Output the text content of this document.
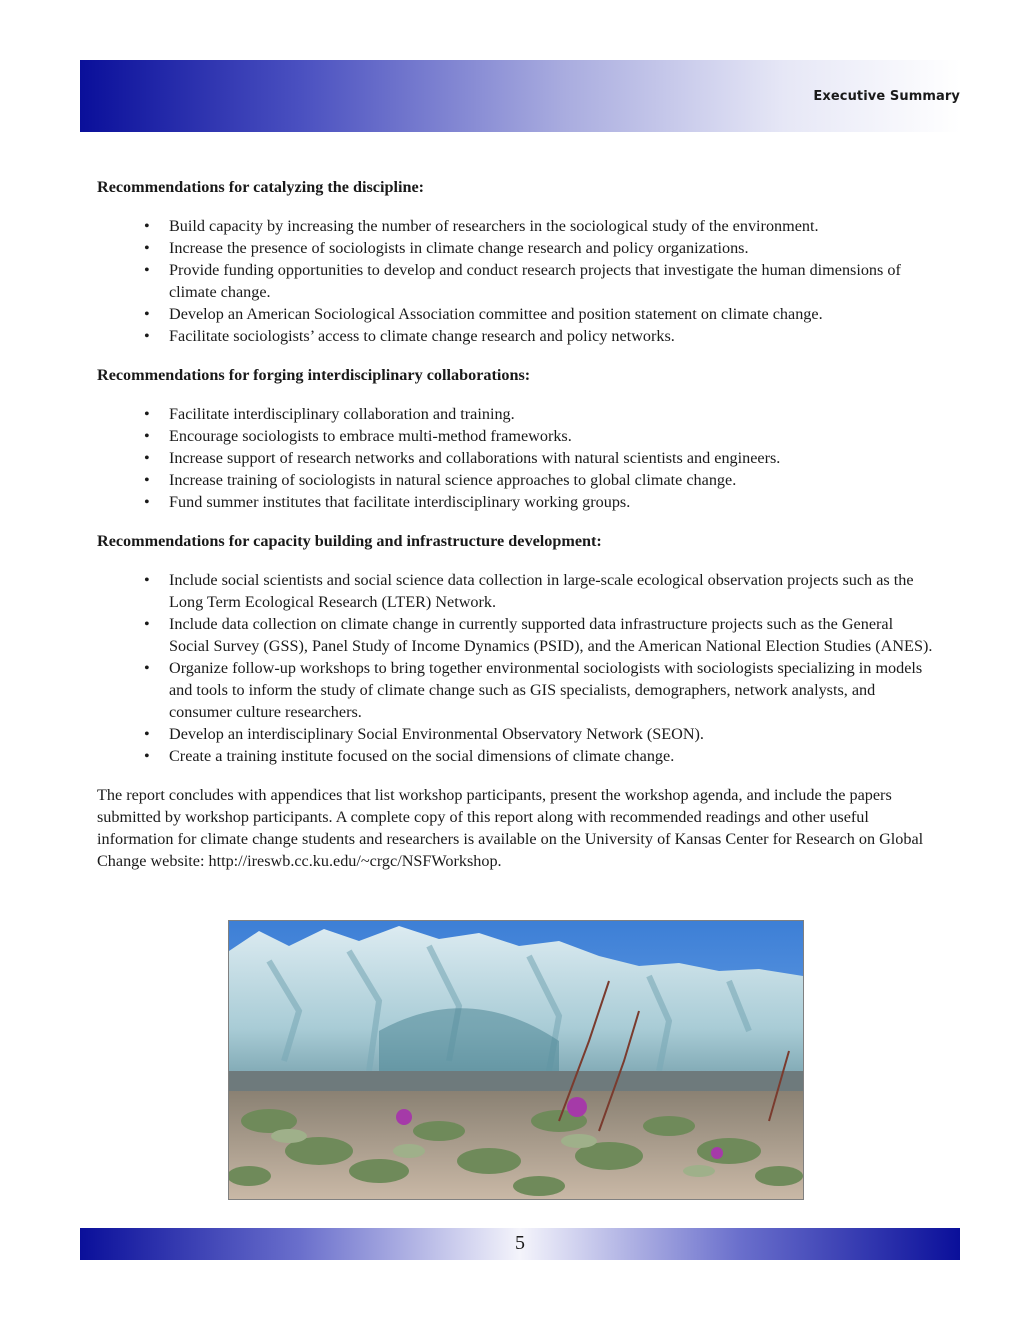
Executive Summary

Recommendations for catalyzing the discipline:

• Build capacity by increasing the number of researchers in the sociological study of the environment.
• Increase the presence of sociologists in climate change research and policy organizations.
• Provide funding opportunities to develop and conduct research projects that investigate the human dimensions of climate change.
• Develop an American Sociological Association committee and position statement on climate change.
• Facilitate sociologists’ access to climate change research and policy networks.

Recommendations for forging interdisciplinary collaborations:

• Facilitate interdisciplinary collaboration and training.
• Encourage sociologists to embrace multi-method frameworks.
• Increase support of research networks and collaborations with natural scientists and engineers.
• Increase training of sociologists in natural science approaches to global climate change.
• Fund summer institutes that facilitate interdisciplinary working groups.

Recommendations for capacity building and infrastructure development:

• Include social scientists and social science data collection in large-scale ecological observation projects such as the Long Term Ecological Research (LTER) Network.
• Include data collection on climate change in currently supported data infrastructure projects such as the General Social Survey (GSS), Panel Study of Income Dynamics (PSID), and the American National Election Studies (ANES).
• Organize follow-up workshops to bring together environmental sociologists with sociologists specializing in models and tools to inform the study of climate change such as GIS specialists, demographers, network analysts, and consumer culture researchers.
• Develop an interdisciplinary Social Environmental Observatory Network (SEON).
• Create a training institute focused on the social dimensions of climate change.

The report concludes with appendices that list workshop participants, present the workshop agenda, and include the papers submitted by workshop participants. A complete copy of this report along with recommended readings and other useful information for climate change students and researchers is available on the University of Kansas Center for Research on Global Change website: http://ireswb.cc.ku.edu/~crgc/NSFWorkshop.

5
